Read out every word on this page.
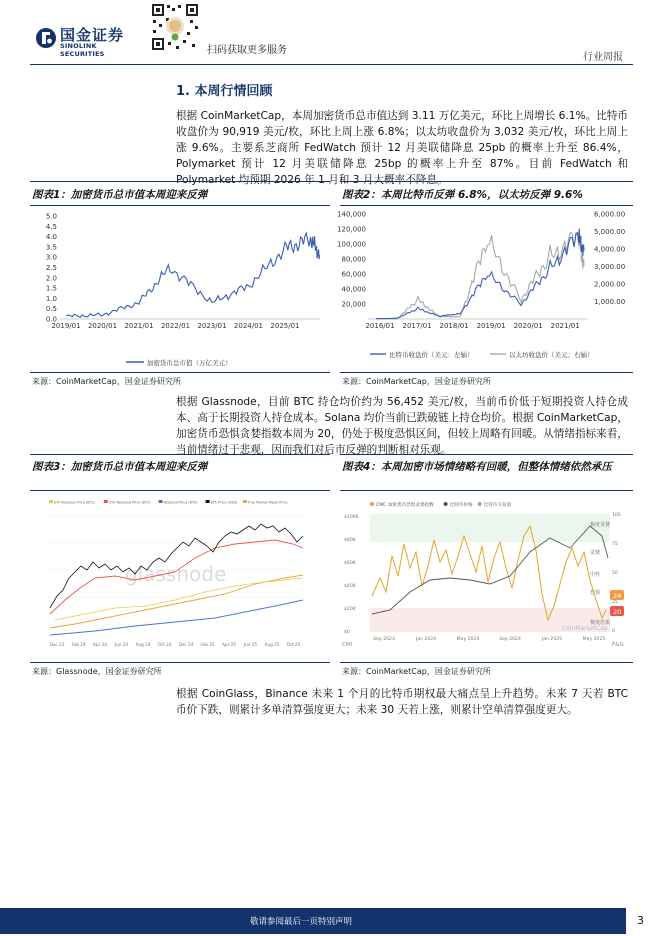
国金证券
SINOLINK SECURITIES	扫码获取更多服务
行业周报
1. 本周行情回顾
根据 CoinMarketCap，本周加密货币总市值达到 3.11 万亿美元，环比上周增长 6.1%。比特币收盘价为 90,919 美元/枚，环比上周上涨 6.8%；以太坊收盘价为 3,032 美元/枚，环比上周上涨 9.6%。主要系芝商所 FedWatch 预计 12 月美联储降息 25pb 的概率上升至 86.4%，Polymarket 预计 12 月美联储降息 25bp 的概率上升至 87%。目前 FedWatch 和 Polymarket 均预期 2026 年 1 月和 3 月大概率不降息。
图表1：加密货币总市值本周迎来反弹	图表2：本周比特币反弹 6.8%，以太坊反弹 9.6%
0.0
0.5
1.0
1.5
2.0
2.5
3.0
3.5
4.0
4.5
5.0
2019/01 2020/01 2021/01 2022/01 2023/01 2024/01 2025/01
加密货币总市值（万亿美元）
20,000
40,000
60,000
80,000
100,000
120,000
140,000
1,000.00
2,000.00
3,000.00
4,000.00
5,000.00
6,000.00
2016/01 2017/01 2018/01 2019/01 2020/01 2021/01
比特币收盘价（美元：左轴）	以太坊收盘价（美元；右轴）
来源：CoinMarketCap，国金证券研究所	来源：CoinMarketCap，国金证券研究所
根据 Glassnode，目前 BTC 持仓均价约为 56,452 美元/枚，当前币价低于短期投资人持仓成本、高于长期投资人持仓成本。Solana 均价当前已跌破链上持仓均价。根据 CoinMarketCap，加密货币恐惧贪婪指数本周为 20，仍处于极度恐惧区间，但较上周略有回暖。从情绪指标来看，当前情绪过于悲观，因而我们对后市反弹的判断相对乐观。
图表3：加密货币总市值本周迎来反弹	图表4：本周加密市场情绪略有回暖，但整体情绪依然承压
ETF Realized Price (BTC)	STH Realized Price (BTC)	Realized Price (BTC)	BTC Price (USD)	True Market Mean Price
glassnode
Dec 23 Feb 24 Apr 24 Jun 24 Aug 24 Oct 24 Dec 24 Feb 25 Apr 25 Jun 25 Aug 25 Oct 25
CMC 加密货币恐惧贪婪指数	比特币价格 比特币交易量
$100K
$80K
$60K
$40K
$20K
$0
100
75
50
25
0
极度贪婪
贪婪
中性
恐惧
极度恐惧
Sep 2023	Jan 2024	May 2024	Sep 2024	Jan 2025	May 2025
CoinMarketCap
24
20
CMI	F&G
来源：Glassnode，国金证券研究所	来源：CoinMarketCap，国金证券研究所
根据 CoinGlass，Binance 未来 1 个月的比特币期权最大痛点呈上升趋势。未来 7 天若 BTC 币价下跌，则累计多单清算强度更大；未来 30 天若上涨，则累计空单清算强度更大。
敬请参阅最后一页特别声明	3
